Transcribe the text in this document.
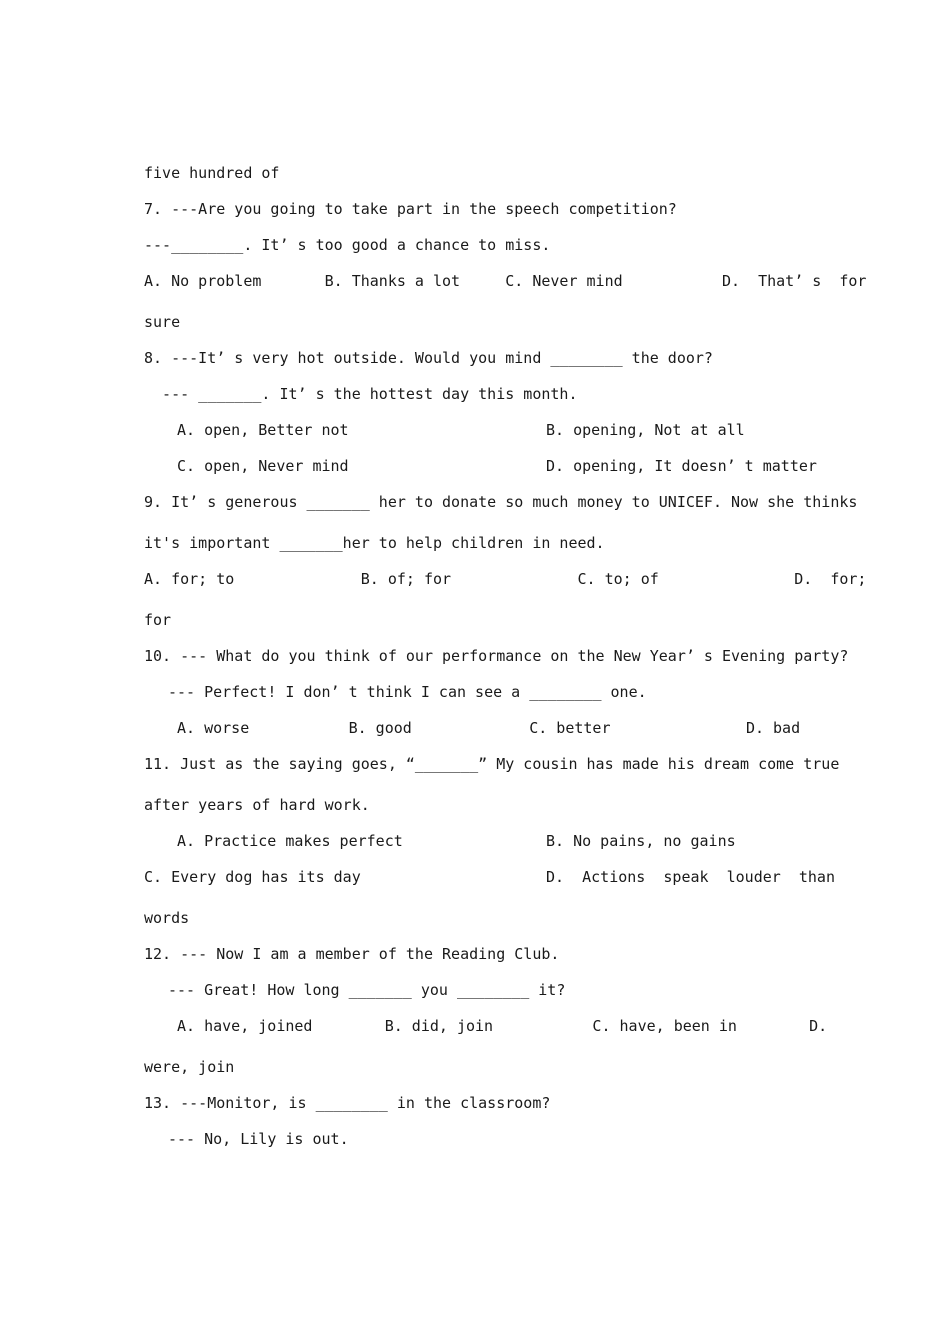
five hundred of
7. ---Are you going to take part in the speech competition?
---________. It’ s too good a chance to miss.
A. No problem       B. Thanks a lot     C. Never mind           D.  That’ s  for
sure
8. ---It’ s very hot outside. Would you mind ________ the door?
--- _______. It’ s the hottest day this month.
A. open, Better not	B. opening, Not at all
C. open, Never mind	D. opening, It doesn’ t matter
9. It’ s generous _______ her to donate so much money to UNICEF. Now she thinks
it's important _______her to help children in need.
A. for; to              B. of; for              C. to; of               D.  for;
for
10. --- What do you think of our performance on the New Year’ s Evening party?
--- Perfect! I don’ t think I can see a ________ one.
A. worse           B. good             C. better               D. bad
11. Just as the saying goes, “_______” My cousin has made his dream come true
after years of hard work.
A. Practice makes perfect	B. No pains, no gains
C. Every dog has its day	D.  Actions  speak  louder  than
words
12. --- Now I am a member of the Reading Club.
--- Great! How long _______ you ________ it?
A. have, joined        B. did, join           C. have, been in        D.
were, join
13. ---Monitor, is ________ in the classroom?
--- No, Lily is out.
